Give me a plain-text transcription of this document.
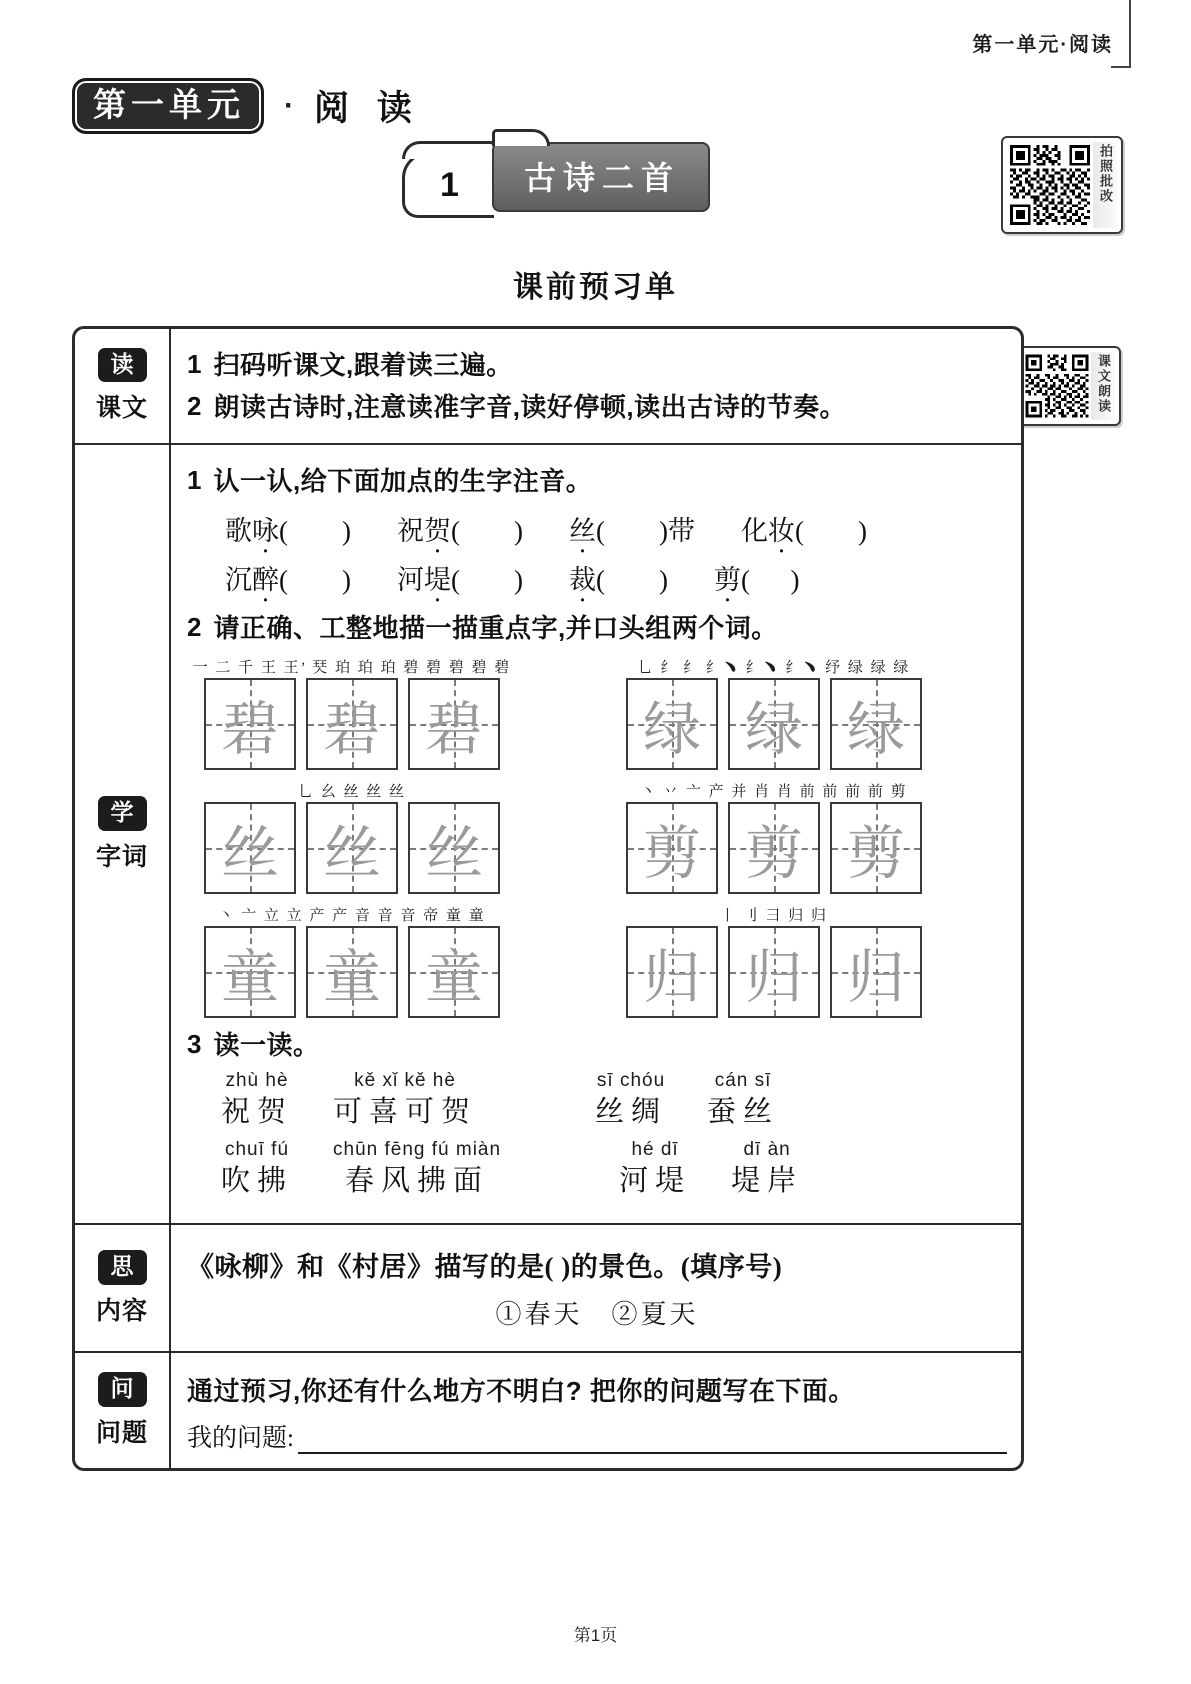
第一单元·阅读
第一单元	· 阅 读
1	古诗二首
课前预习单
拍照批改
课文朗读
读
课文
1 扫码听课文,跟着读三遍。
2 朗读古诗时,注意读准字音,读好停顿,读出古诗的节奏。
学
字词
1 认一认,给下面加点的生字注音。
歌咏(        ) 祝贺(        ) 丝(        )带 化妆(        )
沉醉(        ) 河堤(        ) 裁(        ) 剪(      )
2 请正确、工整地描一描重点字,并口头组两个词。
一 二 千 王 王’ 珡 珀 珀 珀 碧 碧 碧 碧 碧
碧 碧 碧
乚 纟 纟 纟﹅ 纟﹅ 纟﹅ 纾 绿 绿 绿
绿 绿 绿
乚 幺 丝 丝 丝
丝 丝 丝
丶 丷 亠 产 并 肖 肖 前 前 前 前 剪
剪 剪 剪
丶 亠 立 立 产 产 音 音 音 帝 童 童
童 童 童
丨 刂 彐 归 归
归 归 归
3 读一读。
zhù hè
祝贺
kě xǐ kě hè
可喜可贺
sī chóu
丝绸
cán sī
蚕丝
chuī fú
吹拂
chūn fēng fú miàn
春风拂面
hé dī
河堤
dī àn
堤岸
思
内容
《咏柳》和《村居》描写的是( )的景色。(填序号)
①春天　②夏天
问
问题
通过预习,你还有什么地方不明白? 把你的问题写在下面。
我的问题:
第1页
